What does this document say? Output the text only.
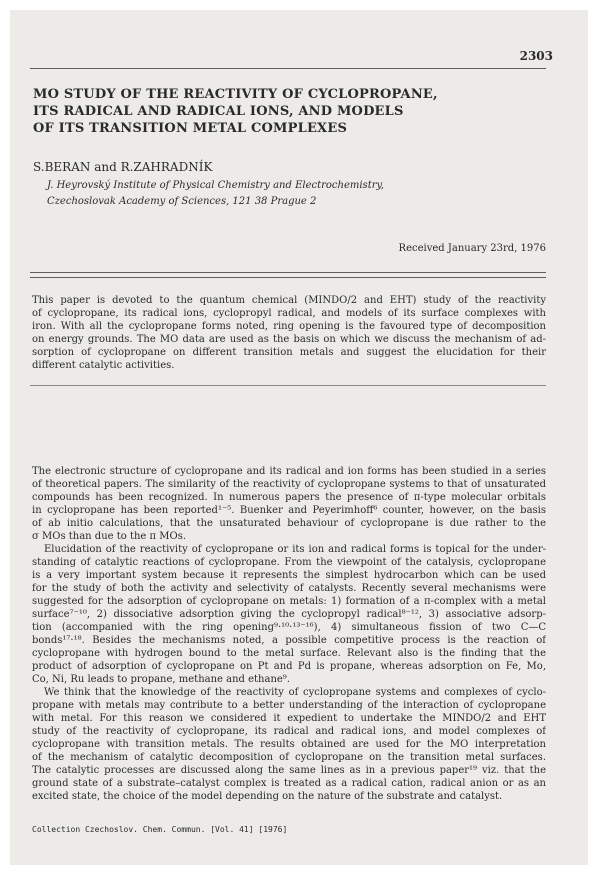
2303
MO STUDY OF THE REACTIVITY OF CYCLOPROPANE,
ITS RADICAL AND RADICAL IONS, AND MODELS
OF ITS TRANSITION METAL COMPLEXES
S.BERAN and R.ZAHRADNÍK
J. Heyrovský Institute of Physical Chemistry and Electrochemistry,
Czechoslovak Academy of Sciences, 121 38 Prague 2
Received January 23rd, 1976
This paper is devoted to the quantum chemical (MINDO/2 and EHT) study of the reactivity
of cyclopropane, its radical ions, cyclopropyl radical, and models of its surface complexes with
iron. With all the cyclopropane forms noted, ring opening is the favoured type of decomposition
on energy grounds. The MO data are used as the basis on which we discuss the mechanism of ad-
sorption of cyclopropane on different transition metals and suggest the elucidation for their
different catalytic activities.
The electronic structure of cyclopropane and its radical and ion forms has been studied in a series
of theoretical papers. The similarity of the reactivity of cyclopropane systems to that of unsaturated
compounds has been recognized. In numerous papers the presence of π-type molecular orbitals
in cyclopropane has been reported¹⁻⁵. Buenker and Peyerimhoff⁶ counter, however, on the basis
of ab initio calculations, that the unsaturated behaviour of cyclopropane is due rather to the
σ MOs than due to the π MOs.
Elucidation of the reactivity of cyclopropane or its ion and radical forms is topical for the under-
standing of catalytic reactions of cyclopropane. From the viewpoint of the catalysis, cyclopropane
is a very important system because it represents the simplest hydrocarbon which can be used
for the study of both the activity and selectivity of catalysts. Recently several mechanisms were
suggested for the adsorption of cyclopropane on metals: 1) formation of a π-complex with a metal
surface⁷⁻¹⁰, 2) dissociative adsorption giving the cyclopropyl radical⁸⁻¹², 3) associative adsorp-
tion (accompanied with the ring opening⁹·¹⁰·¹³⁻¹⁶), 4) simultaneous fission of two C—C
bonds¹⁷·¹⁸. Besides the mechanisms noted, a possible competitive process is the reaction of
cyclopropane with hydrogen bound to the metal surface. Relevant also is the finding that the
product of adsorption of cyclopropane on Pt and Pd is propane, whereas adsorption on Fe, Mo,
Co, Ni, Ru leads to propane, methane and ethane⁹.
We think that the knowledge of the reactivity of cyclopropane systems and complexes of cyclo-
propane with metals may contribute to a better understanding of the interaction of cyclopropane
with metal. For this reason we considered it expedient to undertake the MINDO/2 and EHT
study of the reactivity of cyclopropane, its radical and radical ions, and model complexes of
cyclopropane with transition metals. The results obtained are used for the MO interpretation
of the mechanism of catalytic decomposition of cyclopropane on the transition metal surfaces.
The catalytic processes are discussed along the same lines as in a previous paper¹⁹ viz. that the
ground state of a substrate–catalyst complex is treated as a radical cation, radical anion or as an
excited state, the choice of the model depending on the nature of the substrate and catalyst.
Collection Czechoslov. Chem. Commun. [Vol. 41] [1976]
